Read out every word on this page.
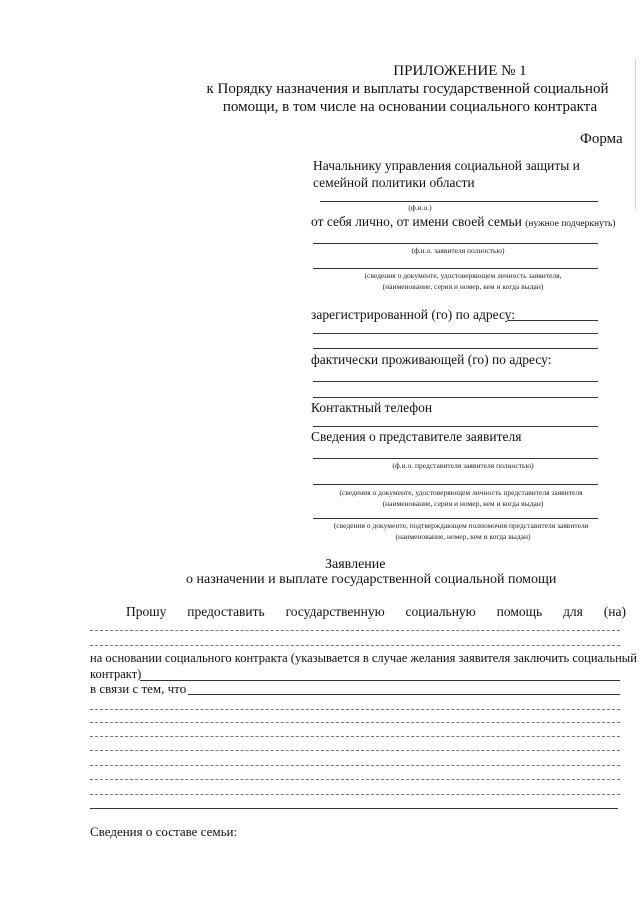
ПРИЛОЖЕНИЕ № 1
к Порядку назначения и выплаты государственной социальной
помощи, в том числе на основании социального контракта
Форма
Начальнику управления социальной защиты и
семейной политики области
(ф.и.о.)
от себя лично, от имени своей семьи (нужное подчеркнуть)
(ф.и.о. заявителя полностью)
(сведения о документе, удостоверяющем личность заявителя,
(наименование, серия и номер, кем и когда выдан)
зарегистрированной (го) по адресу:
фактически проживающей (го) по адресу:
Контактный телефон
Сведения о представителе заявителя
(ф.и.о. представителя заявителя полностью)
(сведения о документе, удостоверяющем личность представителя заявителя
(наименование, серия и номер, кем и когда выдан)
(сведения о документе, подтверждающем полномочия представителя заявителя
(наименование, номер, кем и когда выдан)
Заявление
о назначении и выплате государственной социальной помощи
Прошу предоставить государственную социальную помощь для (на)
на основании социального контракта (указывается в случае желания заявителя заключить социальный
контракт)
в связи с тем, что
Сведения о составе семьи:
